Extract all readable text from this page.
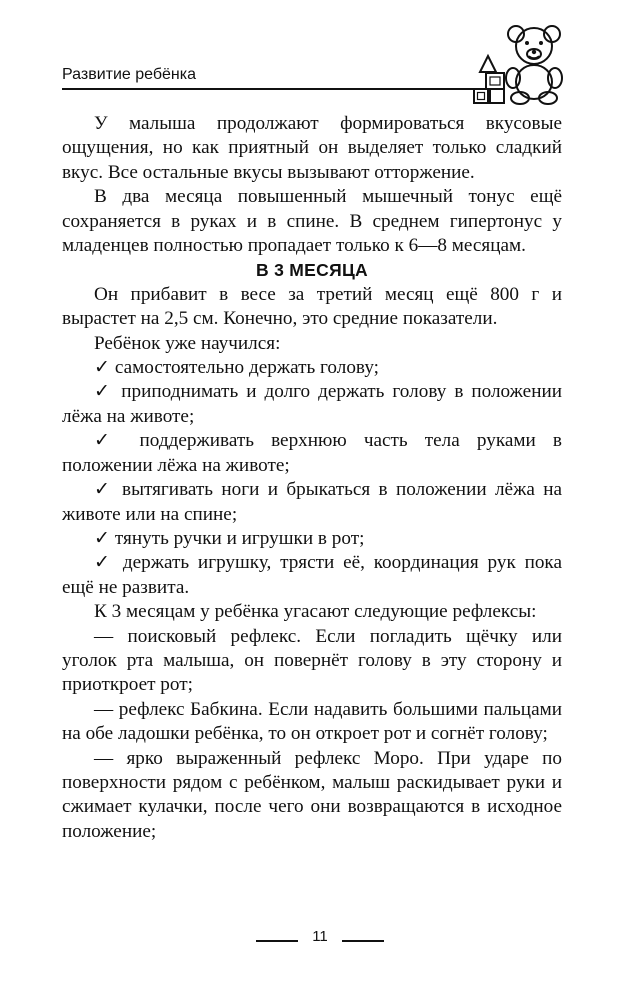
Развитие ребёнка

У малыша продолжают формироваться вкусовые ощущения, но как приятный он выделяет только сладкий вкус. Все остальные вкусы вызывают отторжение.

В два месяца повышенный мышечный тонус ещё сохраняется в руках и в спине. В среднем гипертонус у младенцев полностью пропадает только к 6—8 месяцам.

В 3 МЕСЯЦА

Он прибавит в весе за третий месяц ещё 800 г и вырастет на 2,5 см. Конечно, это средние показатели.

Ребёнок уже научился:

✓ самостоятельно держать голову;

✓ приподнимать и долго держать голову в положении лёжа на животе;

✓ поддерживать верхнюю часть тела руками в положении лёжа на животе;

✓ вытягивать ноги и брыкаться в положении лёжа на животе или на спине;

✓ тянуть ручки и игрушки в рот;

✓ держать игрушку, трясти её, координация рук пока ещё не развита.

К 3 месяцам у ребёнка угасают следующие рефлексы:

— поисковый рефлекс. Если погладить щёчку или уголок рта малыша, он повернёт голову в эту сторону и приоткроет рот;

— рефлекс Бабкина. Если надавить большими пальцами на обе ладошки ребёнка, то он откроет рот и согнёт голову;

— ярко выраженный рефлекс Моро. При ударе по поверхности рядом с ребёнком, малыш раскидывает руки и сжимает кулачки, после чего они возвращаются в исходное положение;

11
